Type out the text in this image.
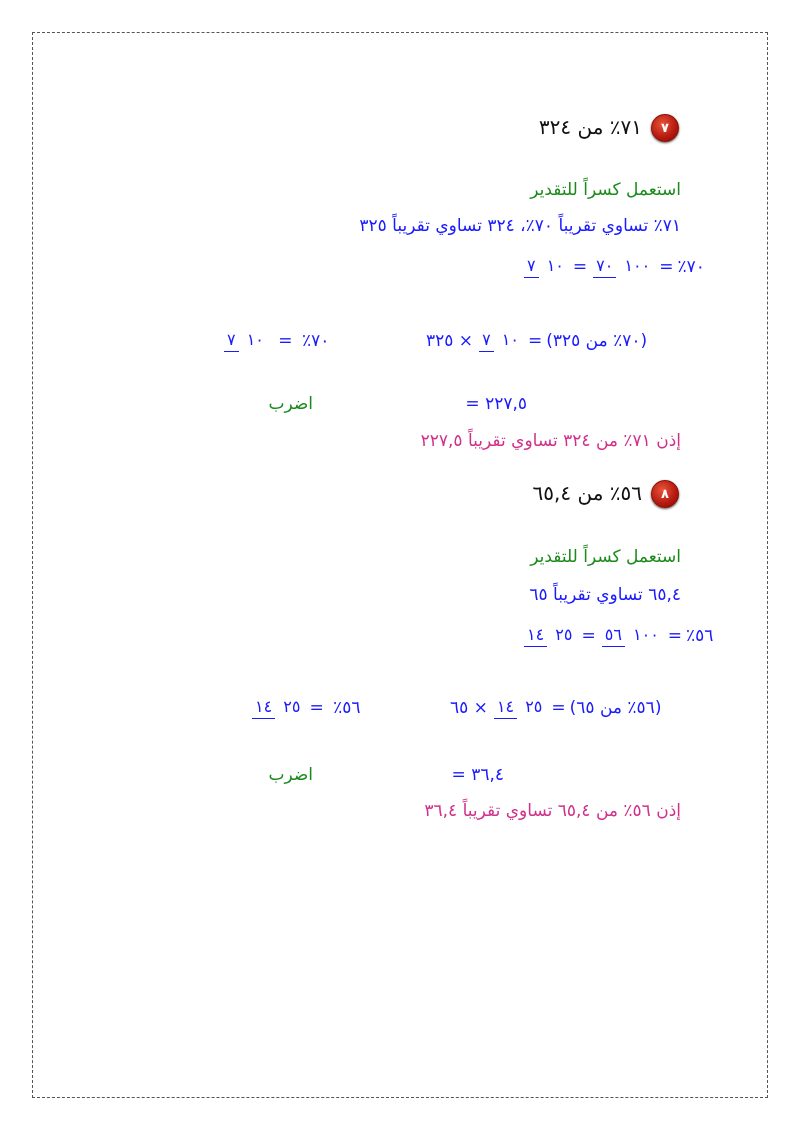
٧
٧١٪ من ٣٢٤
استعمل كسراً للتقدير
٧١٪ تساوي تقريباً ٧٠٪، ٣٢٤ تساوي تقريباً ٣٢٥
٧ ١٠ = ٧٠ ١٠٠ = ٪٧٠
٧ ١٠ = ٪٧٠	× ٣٢٥ ٧ ١٠ = (٧٠٪ من ٣٢٥)
٢٢٧,٥ =
اضرب
إذن ٧١٪ من ٣٢٤ تساوي تقريباً ٢٢٧,٥
٨
٥٦٪ من ٦٥,٤
استعمل كسراً للتقدير
٦٥,٤ تساوي تقريباً ٦٥
١٤ ٢٥ = ٥٦ ١٠٠ = ٪٥٦
١٤ ٢٥ = ٪٥٦	× ٦٥ ١٤ ٢٥ = (٥٦٪ من ٦٥)
٣٦,٤ =
اضرب
إذن ٥٦٪ من ٦٥,٤ تساوي تقريباً ٣٦,٤
